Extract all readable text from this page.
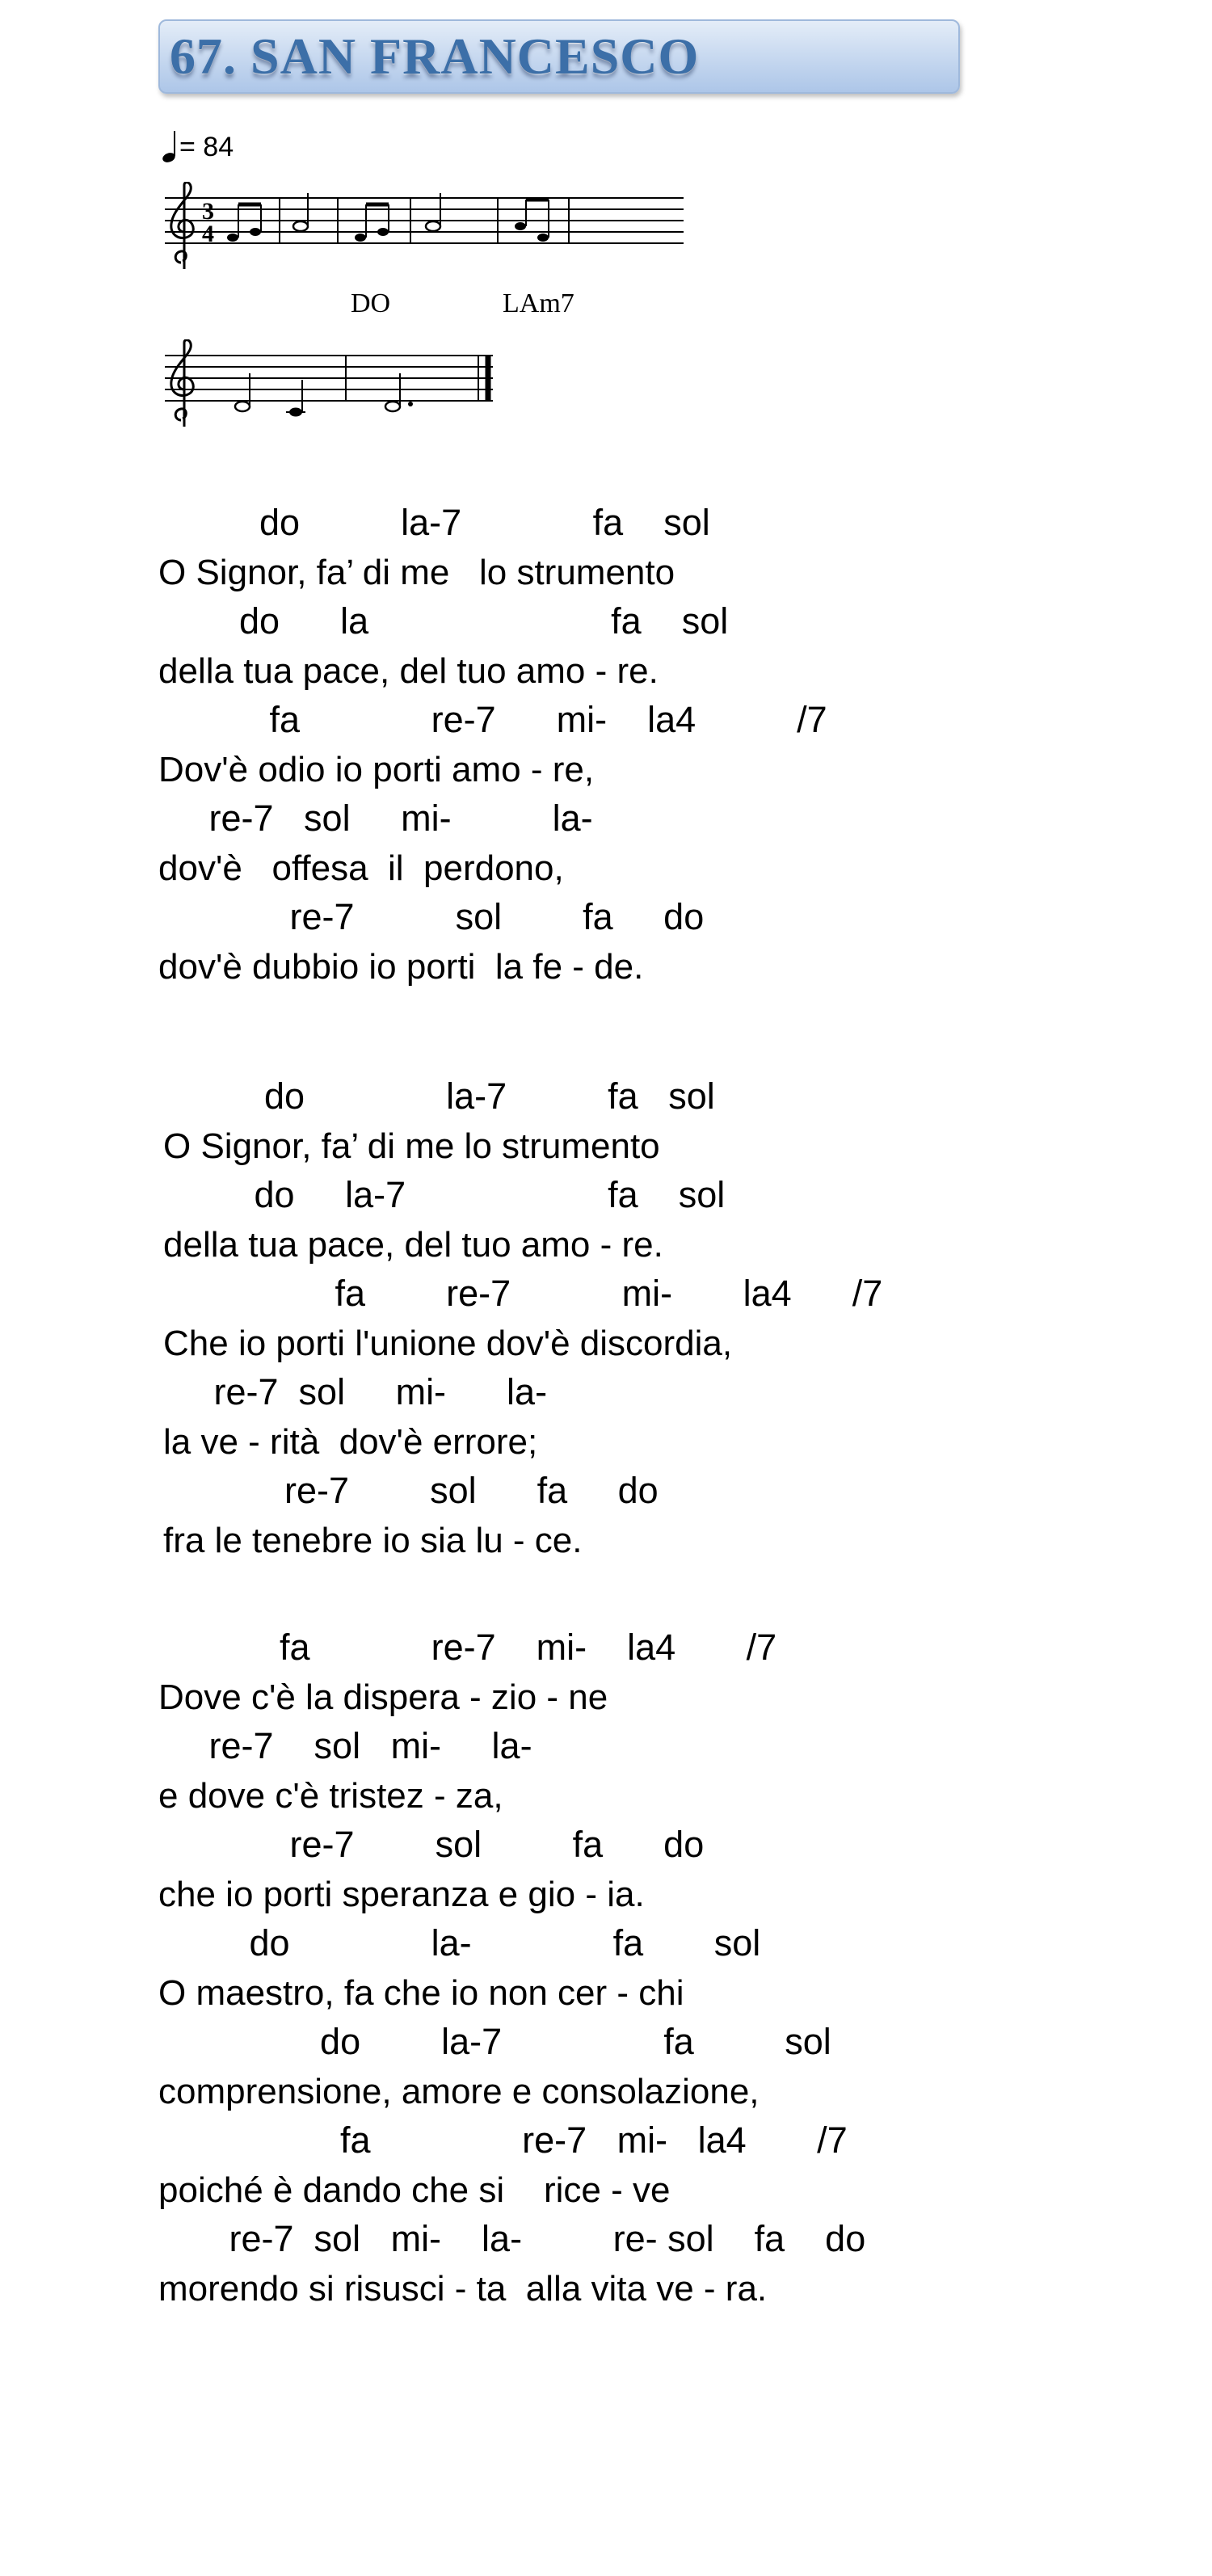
67. SAN FRANCESCO
= 84
3
4
DO	LAm7
do          la-7             fa    sol
O Signor, fa’ di me   lo strumento
do      la                        fa    sol
della tua pace, del tuo amo - re.
fa             re-7      mi-    la4          /7
Dov'è odio io porti amo - re,
re-7   sol     mi-          la-
dov'è   offesa  il  perdono,
re-7          sol        fa     do
dov'è dubbio io porti  la fe - de.
do              la-7          fa   sol
O Signor, fa’ di me lo strumento
do     la-7                    fa    sol
della tua pace, del tuo amo - re.
fa        re-7           mi-       la4      /7
Che io porti l'unione dov'è discordia,
re-7  sol     mi-      la-
la ve - rità  dov'è errore;
re-7        sol      fa     do
fra le tenebre io sia lu - ce.
fa            re-7    mi-    la4       /7
Dove c'è la dispera - zio - ne
re-7    sol   mi-     la-
e dove c'è tristez - za,
re-7        sol         fa      do
che io porti speranza e gio - ia.
do              la-              fa       sol
O maestro, fa che io non cer - chi
do        la-7                fa         sol
comprensione, amore e consolazione,
fa               re-7   mi-   la4       /7
poiché è dando che si    rice - ve
re-7  sol   mi-    la-         re- sol    fa    do
morendo si risusci - ta  alla vita ve - ra.
